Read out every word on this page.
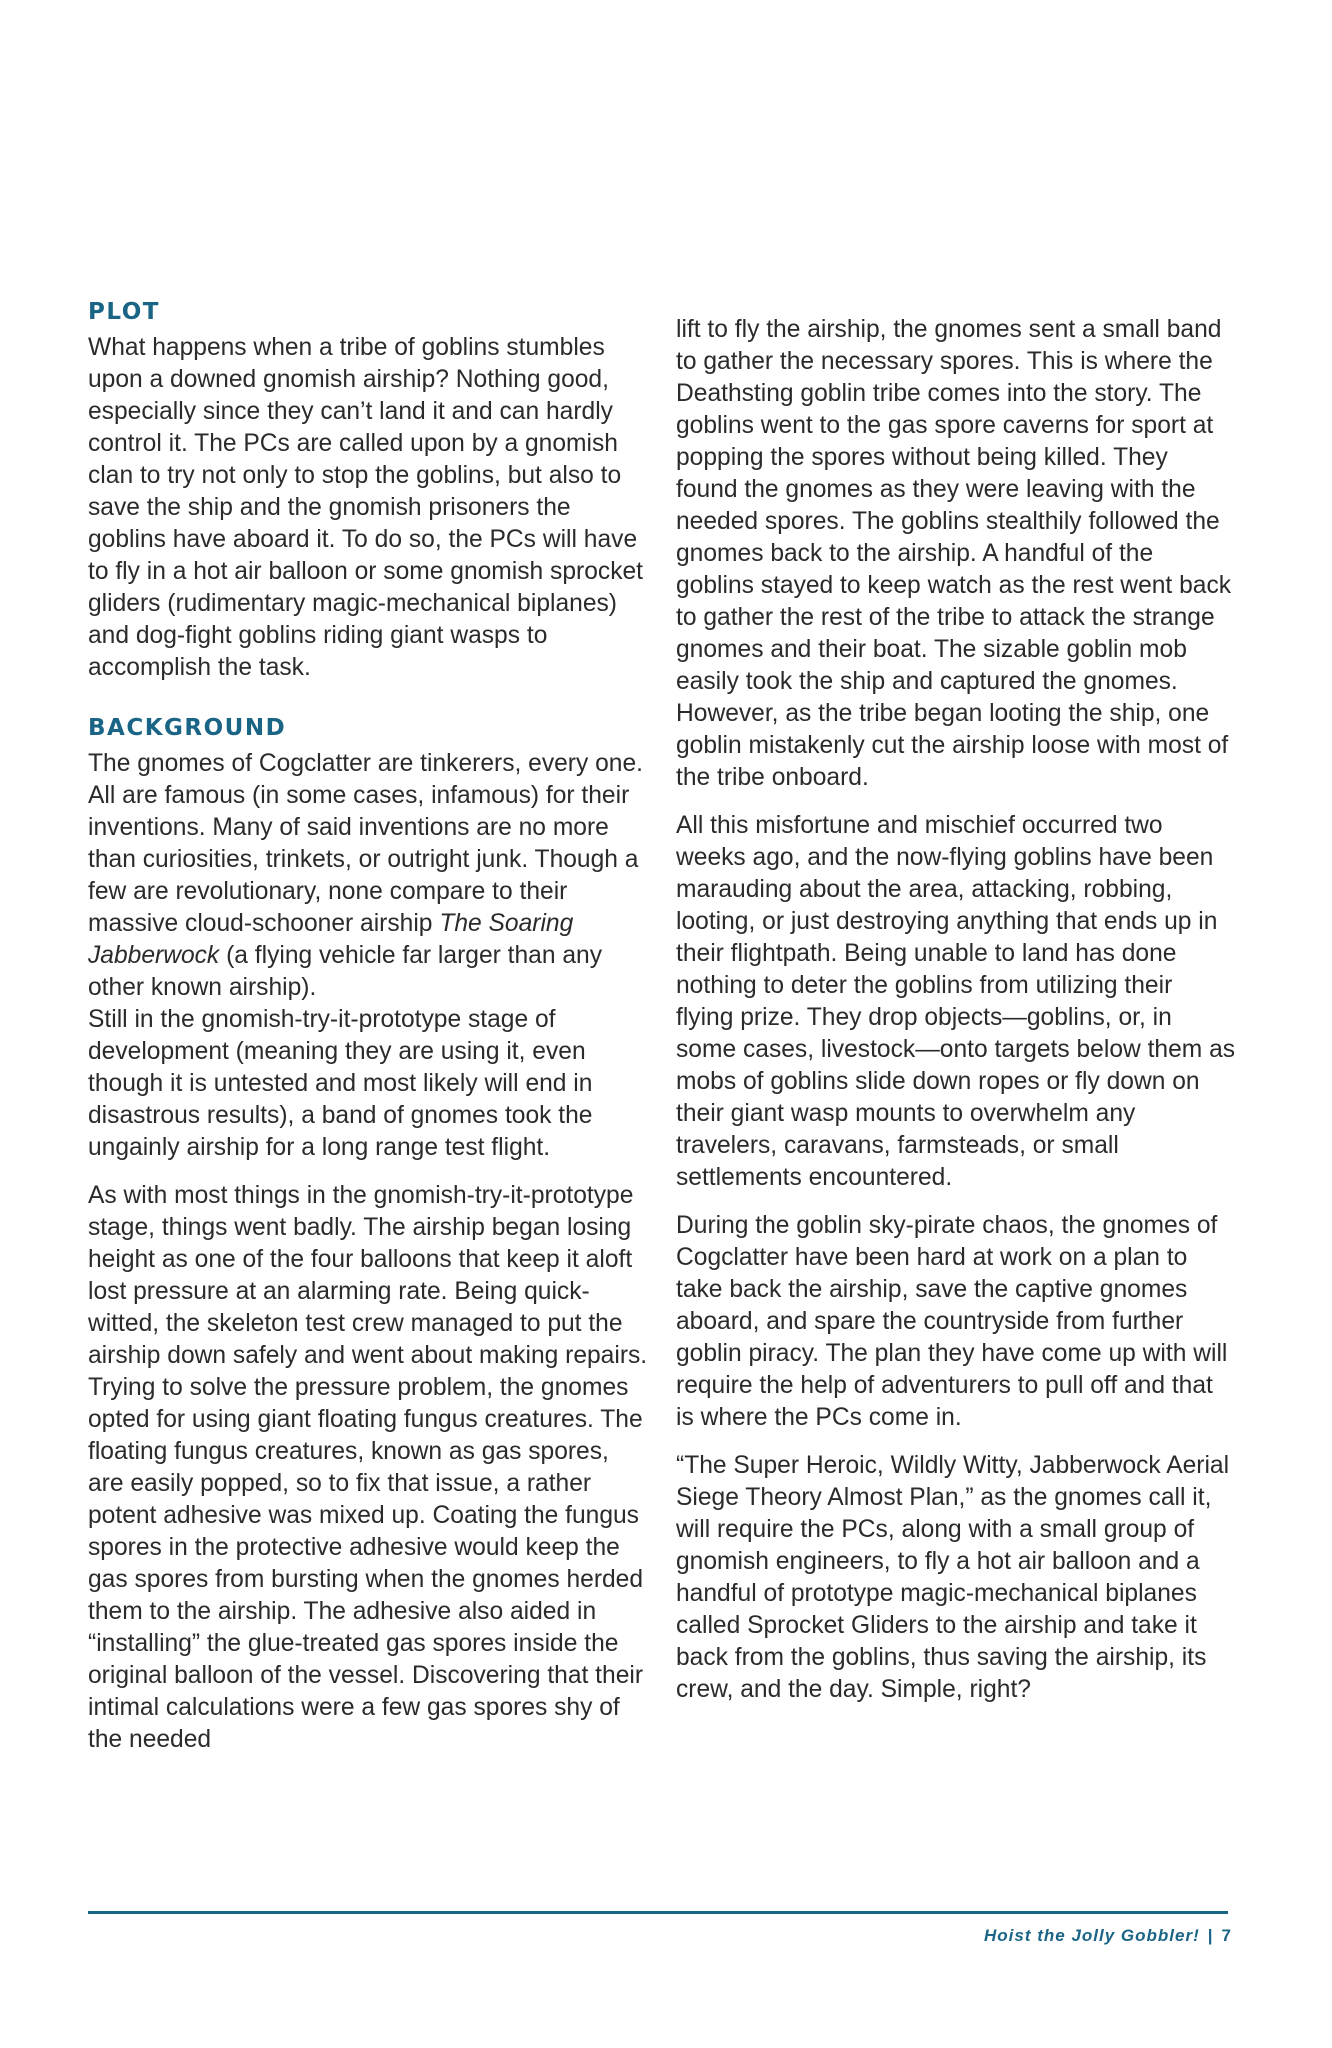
PLOT

What happens when a tribe of goblins stumbles upon a downed gnomish airship? Nothing good, especially since they can’t land it and can hardly control it. The PCs are called upon by a gnomish clan to try not only to stop the goblins, but also to save the ship and the gnomish prisoners the goblins have aboard it. To do so, the PCs will have to fly in a hot air balloon or some gnomish sprocket gliders (rudimentary magic-mechanical biplanes) and dog-fight goblins riding giant wasps to accomplish the task.

BACKGROUND

The gnomes of Cogclatter are tinkerers, every one. All are famous (in some cases, infamous) for their inventions. Many of said inventions are no more than curiosities, trinkets, or outright junk. Though a few are revolutionary, none compare to their massive cloud-schooner airship The Soaring Jabberwock (a flying vehicle far larger than any other known airship).

Still in the gnomish-try-it-prototype stage of development (meaning they are using it, even though it is untested and most likely will end in disastrous results), a band of gnomes took the ungainly airship for a long range test flight.

As with most things in the gnomish-try-it-prototype stage, things went badly. The airship began losing height as one of the four balloons that keep it aloft lost pressure at an alarming rate. Being quick-witted, the skeleton test crew managed to put the airship down safely and went about making repairs. Trying to solve the pressure problem, the gnomes opted for using giant floating fungus creatures. The floating fungus creatures, known as gas spores, are easily popped, so to fix that issue, a rather potent adhesive was mixed up. Coating the fungus spores in the protective adhesive would keep the gas spores from bursting when the gnomes herded them to the airship. The adhesive also aided in “installing” the glue-treated gas spores inside the original balloon of the vessel. Discovering that their intimal calculations were a few gas spores shy of the needed

lift to fly the airship, the gnomes sent a small band to gather the necessary spores. This is where the Deathsting goblin tribe comes into the story. The goblins went to the gas spore caverns for sport at popping the spores without being killed. They found the gnomes as they were leaving with the needed spores. The goblins stealthily followed the gnomes back to the airship. A handful of the goblins stayed to keep watch as the rest went back to gather the rest of the tribe to attack the strange gnomes and their boat. The sizable goblin mob easily took the ship and captured the gnomes. However, as the tribe began looting the ship, one goblin mistakenly cut the airship loose with most of the tribe onboard.

All this misfortune and mischief occurred two weeks ago, and the now-flying goblins have been marauding about the area, attacking, robbing, looting, or just destroying anything that ends up in their flightpath. Being unable to land has done nothing to deter the goblins from utilizing their flying prize. They drop objects—goblins, or, in some cases, livestock—onto targets below them as mobs of goblins slide down ropes or fly down on their giant wasp mounts to overwhelm any travelers, caravans, farmsteads, or small settlements encountered.

During the goblin sky-pirate chaos, the gnomes of Cogclatter have been hard at work on a plan to take back the airship, save the captive gnomes aboard, and spare the countryside from further goblin piracy. The plan they have come up with will require the help of adventurers to pull off and that is where the PCs come in.

“The Super Heroic, Wildly Witty, Jabberwock Aerial Siege Theory Almost Plan,” as the gnomes call it, will require the PCs, along with a small group of gnomish engineers, to fly a hot air balloon and a handful of prototype magic-mechanical biplanes called Sprocket Gliders to the airship and take it back from the goblins, thus saving the airship, its crew, and the day. Simple, right?

Hoist the Jolly Gobbler! | 7
